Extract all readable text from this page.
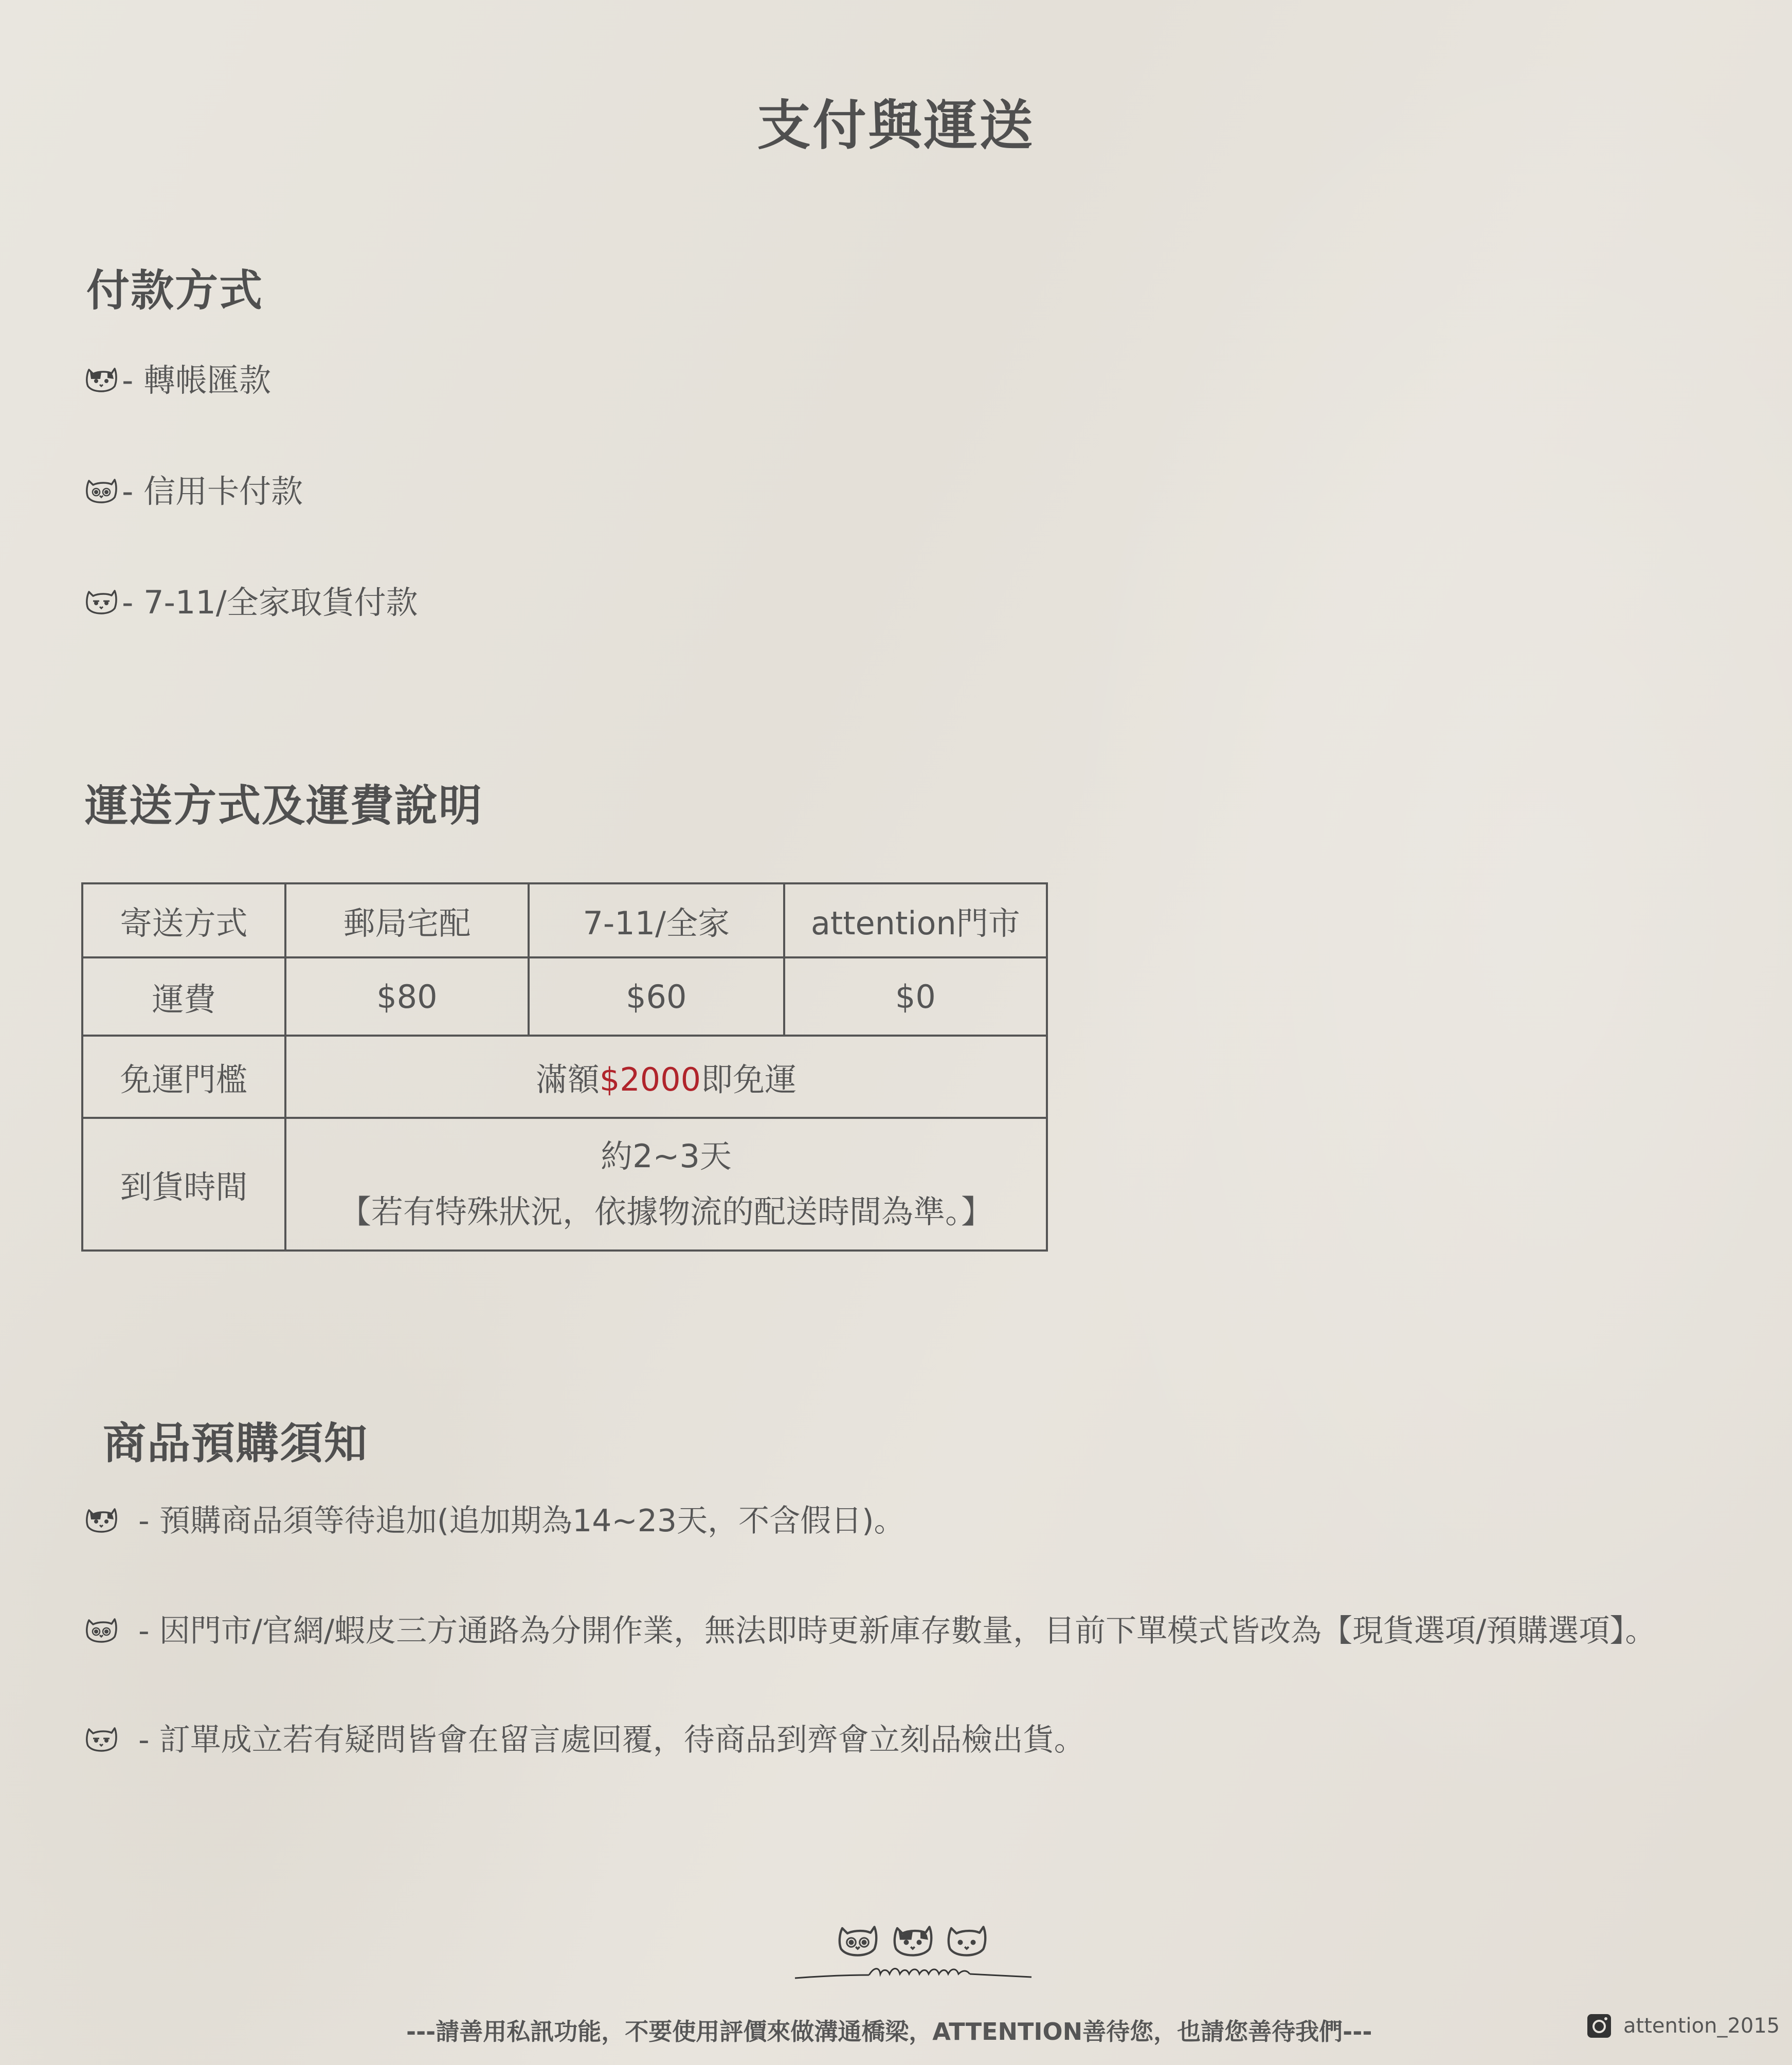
支付與運送
付款方式
- 轉帳匯款
- 信用卡付款
- 7-11/全家取貨付款
運送方式及運費說明
寄送方式	郵局宅配	7-11/全家	attention門市
運費	$80	$60	$0
免運門檻	滿額$2000即免運		
到貨時間	約2~3天
【若有特殊狀況，依據物流的配送時間為準。】		
商品預購須知
- 預購商品須等待追加(追加期為14~23天，不含假日)。
- 因門市/官網/蝦皮三方通路為分開作業，無法即時更新庫存數量，目前下單模式皆改為【現貨選項/預購選項】。
- 訂單成立若有疑問皆會在留言處回覆，待商品到齊會立刻品檢出貨。
---請善用私訊功能，不要使用評價來做溝通橋梁，ATTENTION善待您，也請您善待我們---	attention_2015
